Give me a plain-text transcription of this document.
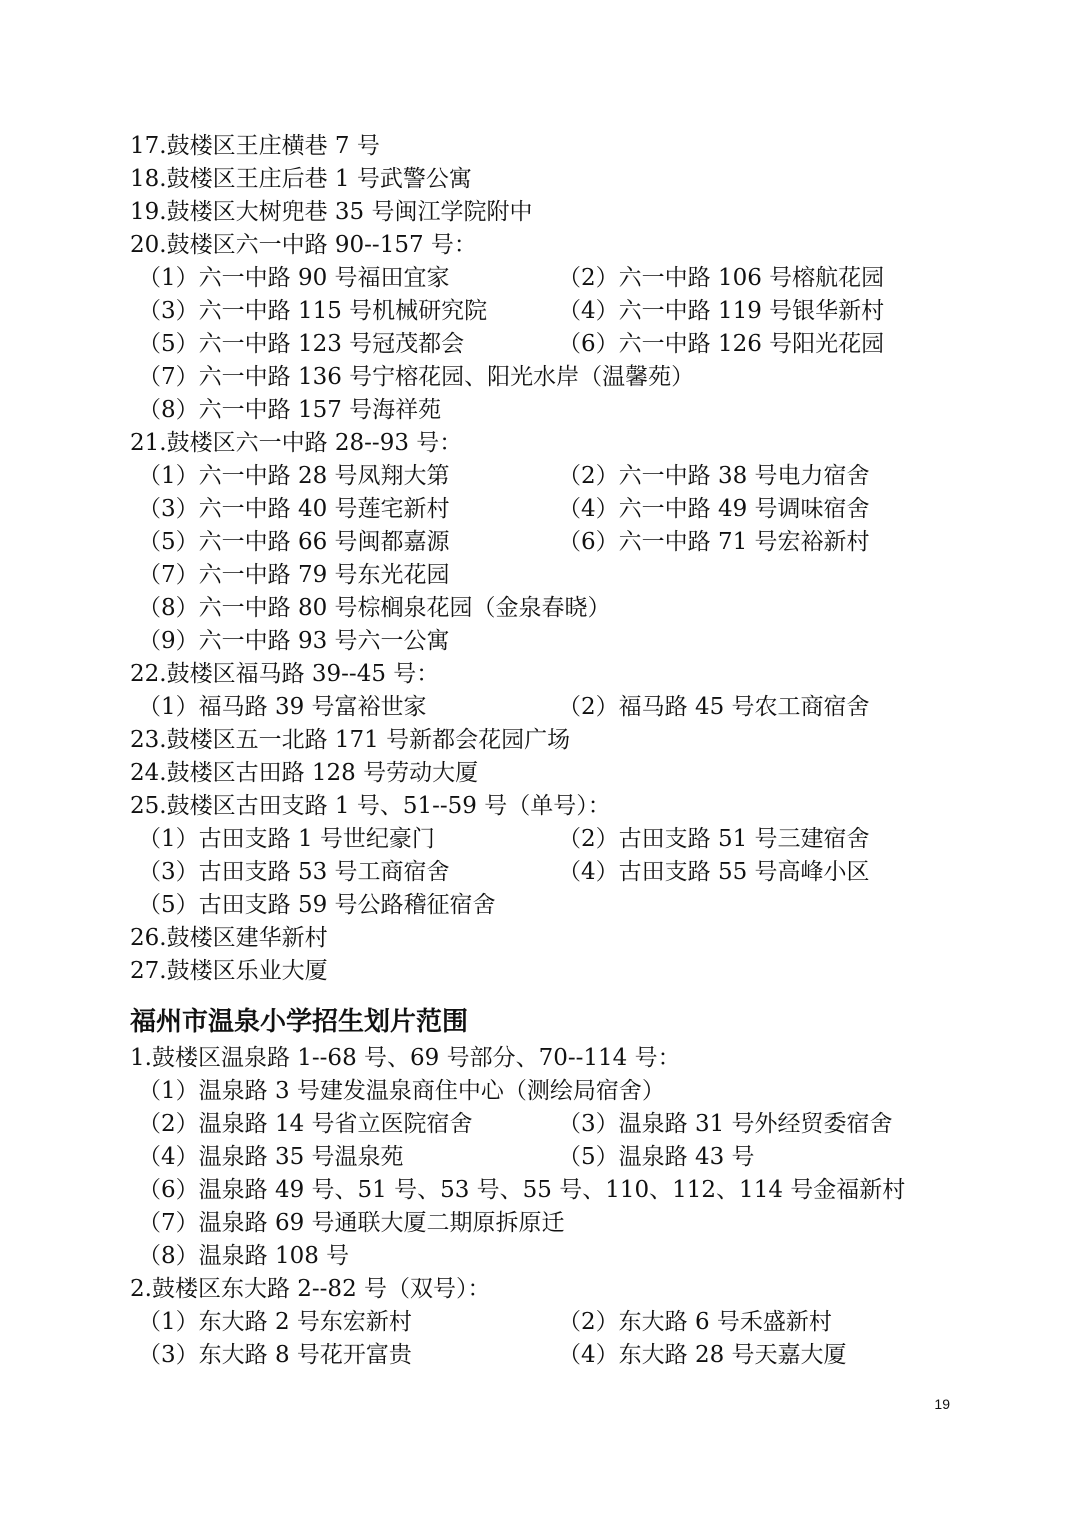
17.鼓楼区王庄横巷 7 号
18.鼓楼区王庄后巷 1 号武警公寓
19.鼓楼区大树兜巷 35 号闽江学院附中
20.鼓楼区六一中路 90--157 号：
（1）六一中路 90 号福田宜家	（2）六一中路 106 号榕航花园
（3）六一中路 115 号机械研究院	（4）六一中路 119 号银华新村
（5）六一中路 123 号冠茂都会	（6）六一中路 126 号阳光花园
（7）六一中路 136 号宁榕花园、阳光水岸（温馨苑）
（8）六一中路 157 号海祥苑
21.鼓楼区六一中路 28--93 号：
（1）六一中路 28 号凤翔大第	（2）六一中路 38 号电力宿舍
（3）六一中路 40 号莲宅新村	（4）六一中路 49 号调味宿舍
（5）六一中路 66 号闽都嘉源	（6）六一中路 71 号宏裕新村
（7）六一中路 79 号东光花园
（8）六一中路 80 号棕榈泉花园（金泉春晓）
（9）六一中路 93 号六一公寓
22.鼓楼区福马路 39--45 号：
（1）福马路 39 号富裕世家	（2）福马路 45 号农工商宿舍
23.鼓楼区五一北路 171 号新都会花园广场
24.鼓楼区古田路 128 号劳动大厦
25.鼓楼区古田支路 1 号、51--59 号（单号）：
（1）古田支路 1 号世纪豪门	（2）古田支路 51 号三建宿舍
（3）古田支路 53 号工商宿舍	（4）古田支路 55 号高峰小区
（5）古田支路 59 号公路稽征宿舍
26.鼓楼区建华新村
27.鼓楼区乐业大厦
福州市温泉小学招生划片范围
1.鼓楼区温泉路 1--68 号、69 号部分、70--114 号：
（1）温泉路 3 号建发温泉商住中心（测绘局宿舍）
（2）温泉路 14 号省立医院宿舍	（3）温泉路 31 号外经贸委宿舍
（4）温泉路 35 号温泉苑	（5）温泉路 43 号
（6）温泉路 49 号、51 号、53 号、55 号、110、112、114 号金福新村
（7）温泉路 69 号通联大厦二期原拆原迁
（8）温泉路 108 号
2.鼓楼区东大路 2--82 号（双号）：
（1）东大路 2 号东宏新村	（2）东大路 6 号禾盛新村
（3）东大路 8 号花开富贵	（4）东大路 28 号天嘉大厦
19
